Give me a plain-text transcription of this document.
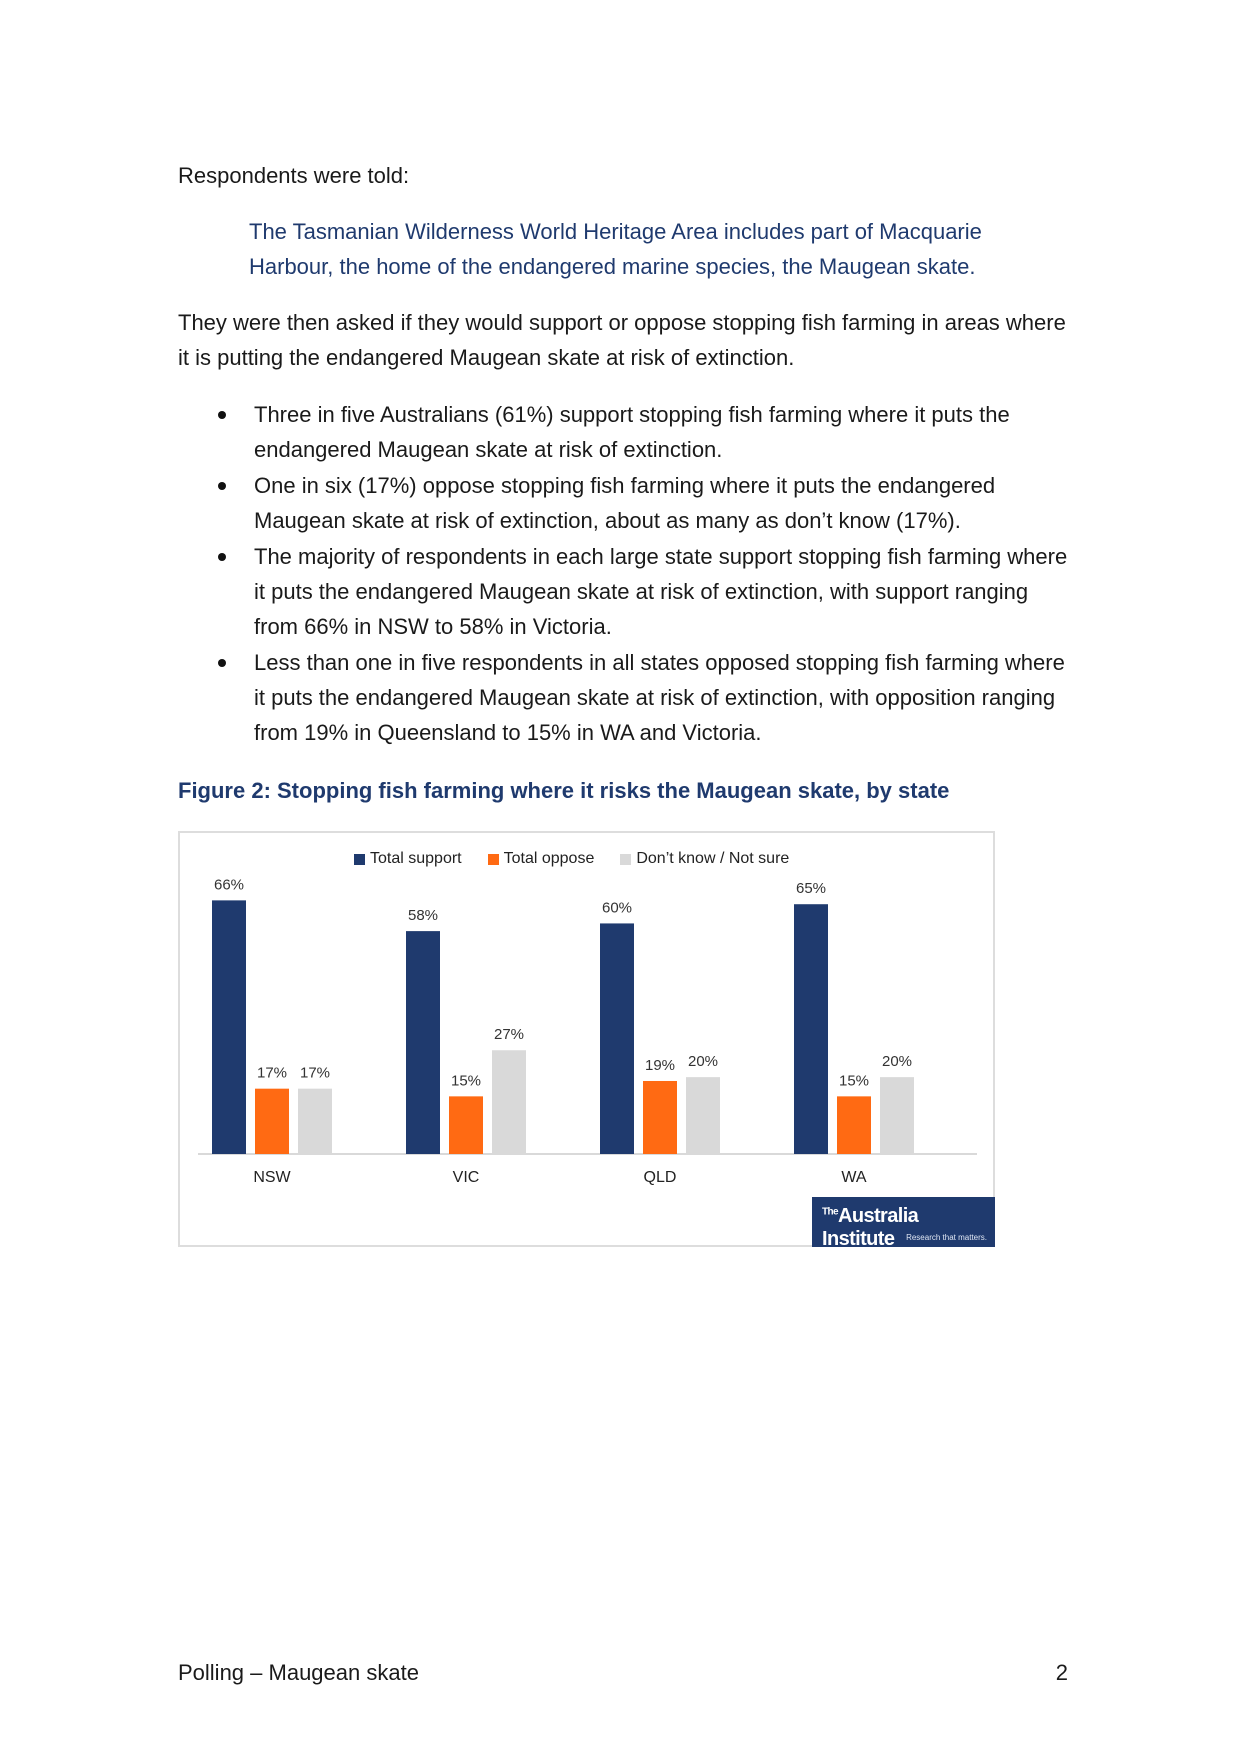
Respondents were told:

The Tasmanian Wilderness World Heritage Area includes part of Macquarie Harbour, the home of the endangered marine species, the Maugean skate.

They were then asked if they would support or oppose stopping fish farming in areas where it is putting the endangered Maugean skate at risk of extinction.

Three in five Australians (61%) support stopping fish farming where it puts the endangered Maugean skate at risk of extinction.
One in six (17%) oppose stopping fish farming where it puts the endangered Maugean skate at risk of extinction, about as many as don’t know (17%).
The majority of respondents in each large state support stopping fish farming where it puts the endangered Maugean skate at risk of extinction, with support ranging from 66% in NSW to 58% in Victoria.
Less than one in five respondents in all states opposed stopping fish farming where it puts the endangered Maugean skate at risk of extinction, with opposition ranging from 19% in Queensland to 15% in WA and Victoria.

Figure 2: Stopping fish farming where it risks the Maugean skate, by state

Total support	Total oppose	Don’t know / Not sure
66%
17% 17%
NSW
58%
15%
27%
VIC
60%
19% 20%
QLD
65%
15%
20%
WA
$^{The}$Australia Institute	Research that matters.

Polling – Maugean skate	2
